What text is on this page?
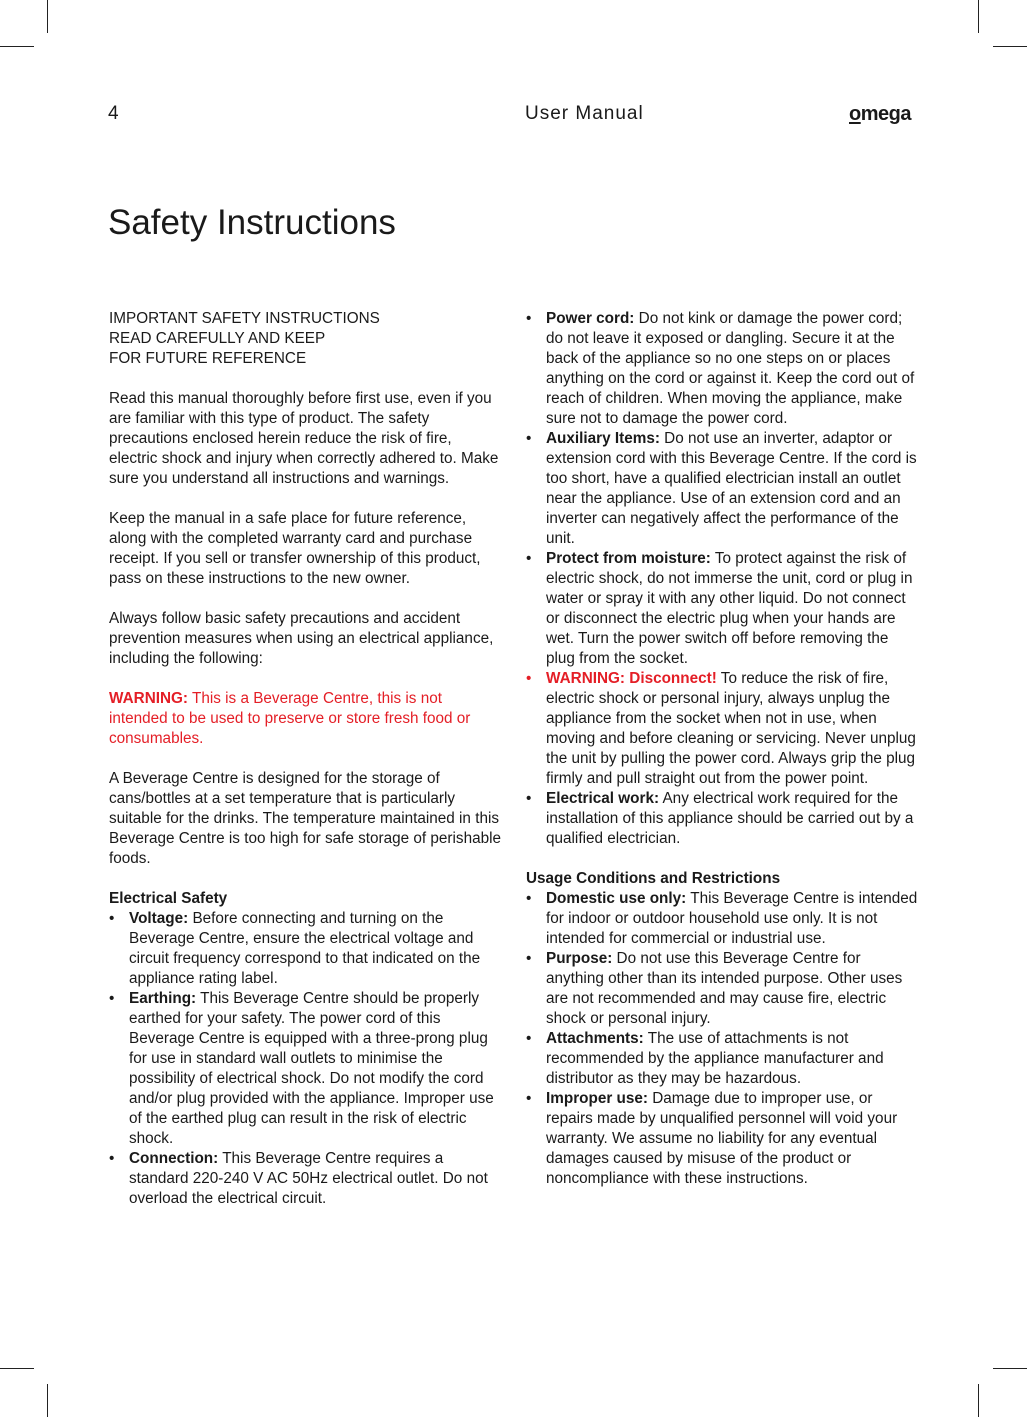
4	User Manual	omega
Safety Instructions

IMPORTANT SAFETY INSTRUCTIONS
READ CAREFULLY AND KEEP
FOR FUTURE REFERENCE

Read this manual thoroughly before first use, even if you are familiar with this type of product. The safety precautions enclosed herein reduce the risk of fire, electric shock and injury when correctly adhered to. Make sure you understand all instructions and warnings.

Keep the manual in a safe place for future reference, along with the completed warranty card and purchase receipt. If you sell or transfer ownership of this product, pass on these instructions to the new owner.

Always follow basic safety precautions and accident prevention measures when using an electrical appliance, including the following:

WARNING: This is a Beverage Centre, this is not intended to be used to preserve or store fresh food or consumables.

A Beverage Centre is designed for the storage of cans/bottles at a set temperature that is particularly suitable for the drinks. The temperature maintained in this Beverage Centre is too high for safe storage of perishable foods.

Electrical Safety
• Voltage: Before connecting and turning on the Beverage Centre, ensure the electrical voltage and circuit frequency correspond to that indicated on the appliance rating label.
• Earthing: This Beverage Centre should be properly earthed for your safety. The power cord of this Beverage Centre is equipped with a three-prong plug for use in standard wall outlets to minimise the possibility of electrical shock. Do not modify the cord and/or plug provided with the appliance. Improper use of the earthed plug can result in the risk of electric shock.
• Connection: This Beverage Centre requires a standard 220-240 V AC 50Hz electrical outlet. Do not overload the electrical circuit.
• Power cord: Do not kink or damage the power cord; do not leave it exposed or dangling. Secure it at the back of the appliance so no one steps on or places anything on the cord or against it. Keep the cord out of reach of children. When moving the appliance, make sure not to damage the power cord.
• Auxiliary Items: Do not use an inverter, adaptor or extension cord with this Beverage Centre. If the cord is too short, have a qualified electrician install an outlet near the appliance. Use of an extension cord and an inverter can negatively affect the performance of the unit.
• Protect from moisture: To protect against the risk of electric shock, do not immerse the unit, cord or plug in water or spray it with any other liquid. Do not connect or disconnect the electric plug when your hands are wet. Turn the power switch off before removing the plug from the socket.
• WARNING: Disconnect! To reduce the risk of fire, electric shock or personal injury, always unplug the appliance from the socket when not in use, when moving and before cleaning or servicing. Never unplug the unit by pulling the power cord. Always grip the plug firmly and pull straight out from the power point.
• Electrical work: Any electrical work required for the installation of this appliance should be carried out by a qualified electrician.
Usage Conditions and Restrictions
• Domestic use only: This Beverage Centre is intended for indoor or outdoor household use only. It is not intended for commercial or industrial use.
• Purpose: Do not use this Beverage Centre for anything other than its intended purpose. Other uses are not recommended and may cause fire, electric shock or personal injury.
• Attachments: The use of attachments is not recommended by the appliance manufacturer and distributor as they may be hazardous.
• Improper use: Damage due to improper use, or repairs made by unqualified personnel will void your warranty. We assume no liability for any eventual damages caused by misuse of the product or noncompliance with these instructions.
